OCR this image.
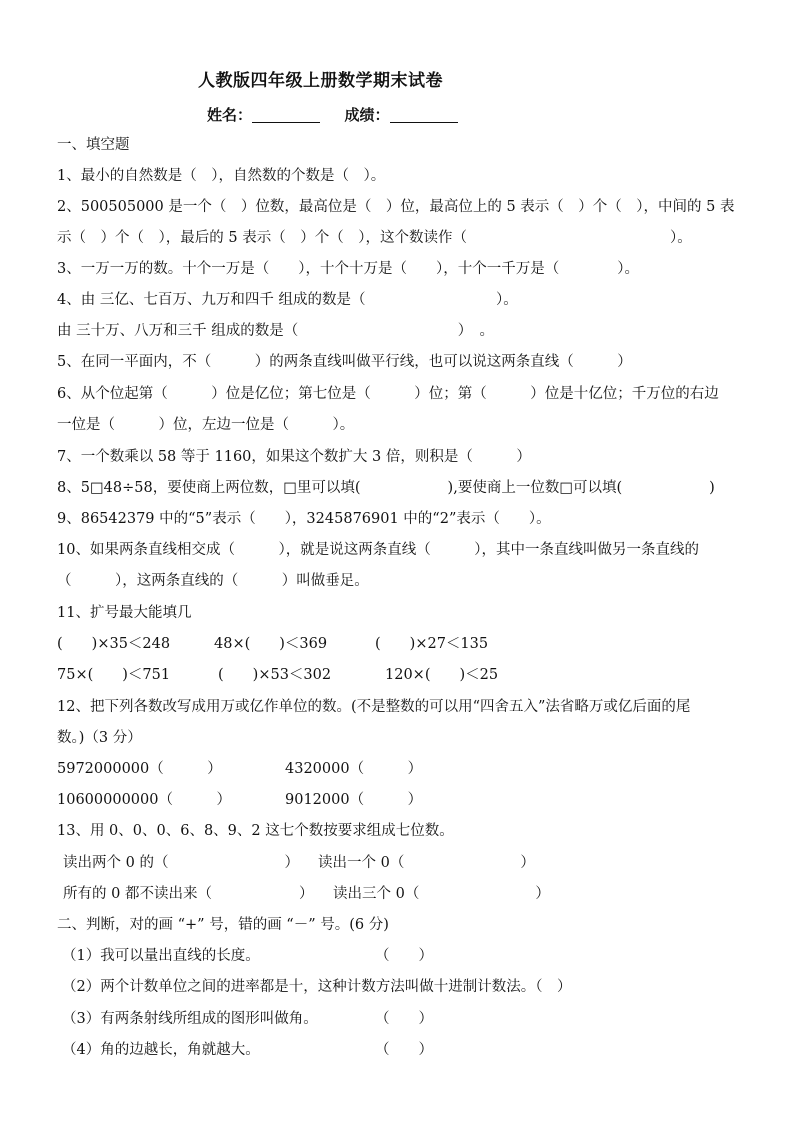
人教版四年级上册数学期末试卷
姓名：	成绩：
一、填空题
1、最小的自然数是（　），自然数的个数是（　）。
2、500505000 是一个（　）位数，最高位是（　）位，最高位上的 5 表示（　）个（　），中间的 5 表
示（　）个（　），最后的 5 表示（　）个（　），这个数读作（　　　　　　　　　　　　　　）。
3、一万一万的数。十个一万是（　　），十个十万是（　　），十个一千万是（　　　　）。
4、由 三亿、七百万、九万和四千 组成的数是（　　　　　　　　　）。
由 三十万、八万和三千 组成的数是（　　　　　　　　　　　）　。
5、在同一平面内，不（　　　）的两条直线叫做平行线，也可以说这两条直线（　　　）
6、从个位起第（　　　）位是亿位；第七位是（　　　）位；第（　　　）位是十亿位；千万位的右边
一位是（　　　）位，左边一位是（　　　）。
7、一个数乘以 58 等于 1160，如果这个数扩大 3 倍，则积是（　　　）
8、5□48÷58，要使商上两位数，□里可以填(　　　　　　),要使商上一位数□可以填(　　　　　　)
9、86542379 中的“5”表示（　　），3245876901 中的“2”表示（　　）。
10、如果两条直线相交成（　　　），就是说这两条直线（　　　），其中一条直线叫做另一条直线的
（　　　），这两条直线的（　　　）叫做垂足。
11、扩号最大能填几
(　　)×35＜248	48×(　　)＜369	(　　)×27＜135
75×(　　)＜751	(　　)×53＜302	120×(　　)＜25
12、把下列各数改写成用万或亿作单位的数。(不是整数的可以用“四舍五入”法省略万或亿后面的尾
数。)（3 分）
5972000000（　　　）	4320000（　　　）
10600000000（　　　）	9012000（　　　）
13、用 0、0、0、6、8、9、2 这七个数按要求组成七位数。
读出两个 0 的（　　　　　　　　） 读出一个 0（　　　　　　　　）
所有的 0 都不读出来（　　　　　　） 读出三个 0（　　　　　　　　）
二、判断，对的画 “+” 号，错的画 “－” 号。(6 分)
（1）我可以量出直线的长度。	（　　）
（2）两个计数单位之间的进率都是十，这种计数方法叫做十进制计数法。（　）
（3）有两条射线所组成的图形叫做角。	（　　）
（4）角的边越长，角就越大。	（　　）
